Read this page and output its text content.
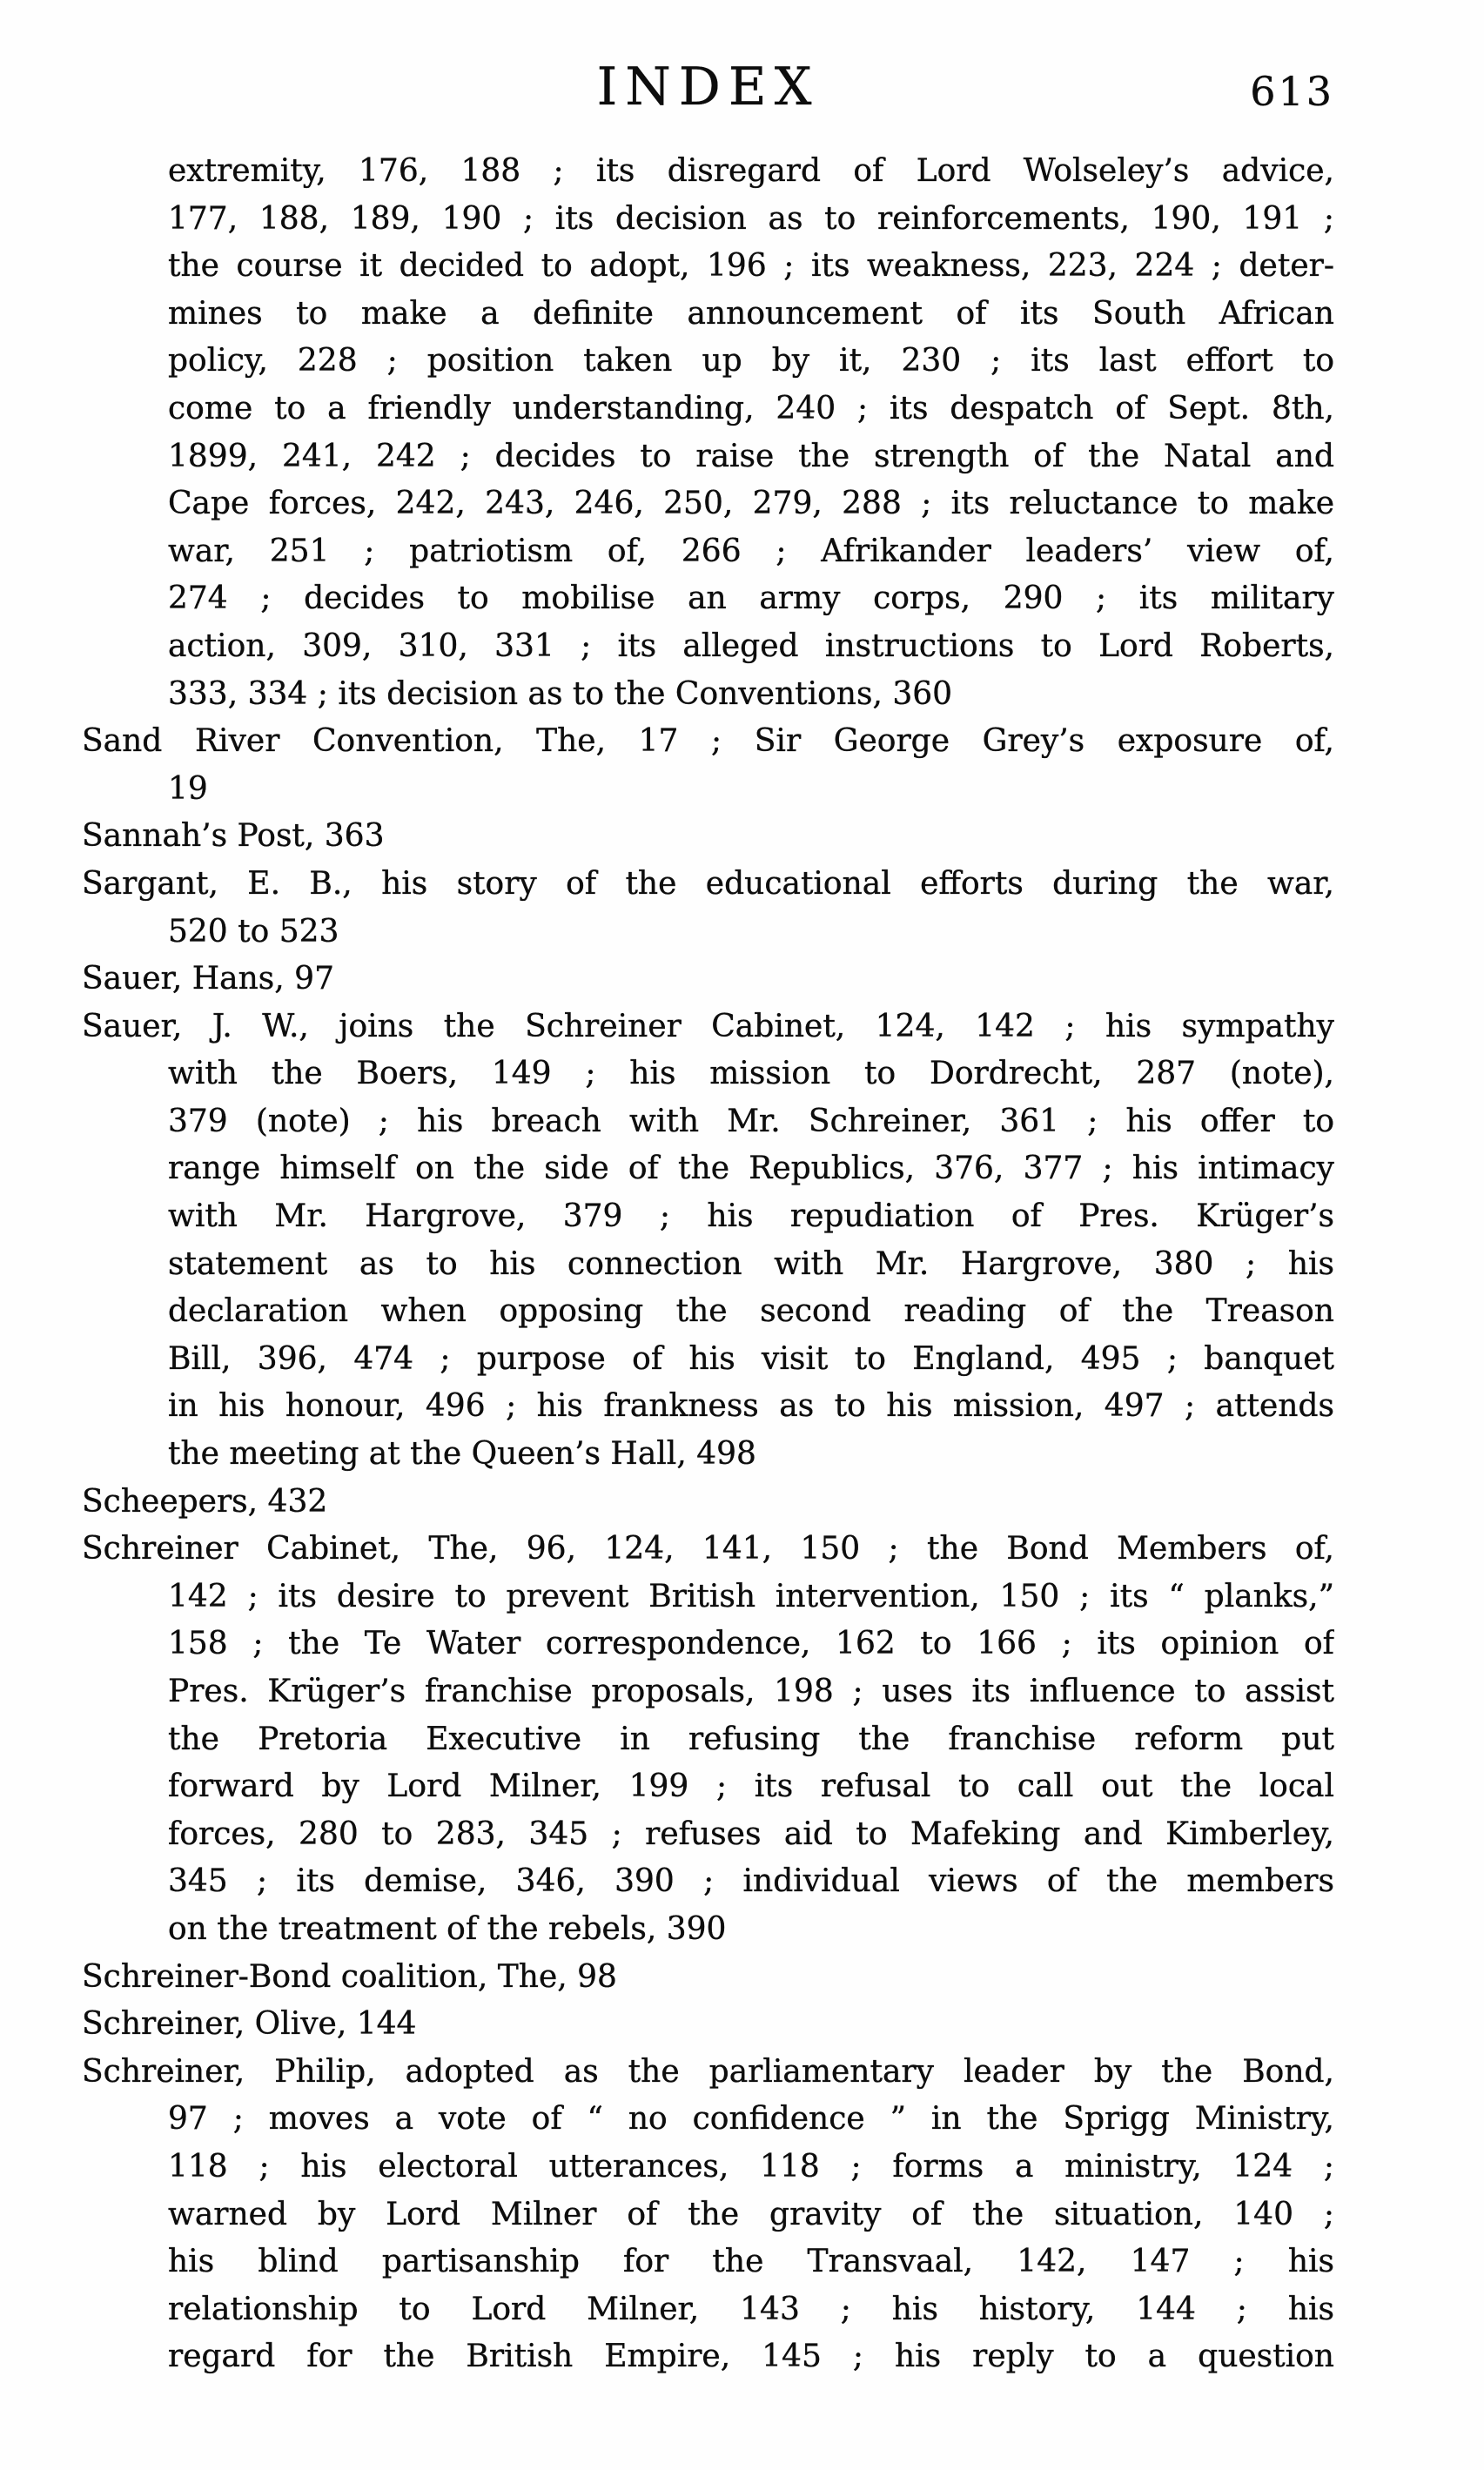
INDEX	613
extremity, 176, 188 ; its disregard of Lord Wolseley’s advice,
177, 188, 189, 190 ; its decision as to reinforcements, 190, 191 ;
the course it decided to adopt, 196 ; its weakness, 223, 224 ; deter-
mines to make a definite announcement of its South African
policy, 228 ; position taken up by it, 230 ; its last effort to
come to a friendly understanding, 240 ; its despatch of Sept. 8th,
1899, 241, 242 ; decides to raise the strength of the Natal and
Cape forces, 242, 243, 246, 250, 279, 288 ; its reluctance to make
war, 251 ; patriotism of, 266 ; Afrikander leaders’ view of,
274 ; decides to mobilise an army corps, 290 ; its military
action, 309, 310, 331 ; its alleged instructions to Lord Roberts,
333, 334 ; its decision as to the Conventions, 360
Sand River Convention, The, 17 ; Sir George Grey’s exposure of,
19
Sannah’s Post, 363
Sargant, E. B., his story of the educational efforts during the war,
520 to 523
Sauer, Hans, 97
Sauer, J. W., joins the Schreiner Cabinet, 124, 142 ; his sympathy
with the Boers, 149 ; his mission to Dordrecht, 287 (note),
379 (note) ; his breach with Mr. Schreiner, 361 ; his offer to
range himself on the side of the Republics, 376, 377 ; his intimacy
with Mr. Hargrove, 379 ; his repudiation of Pres. Krüger’s
statement as to his connection with Mr. Hargrove, 380 ; his
declaration when opposing the second reading of the Treason
Bill, 396, 474 ; purpose of his visit to England, 495 ; banquet
in his honour, 496 ; his frankness as to his mission, 497 ; attends
the meeting at the Queen’s Hall, 498
Scheepers, 432
Schreiner Cabinet, The, 96, 124, 141, 150 ; the Bond Members of,
142 ; its desire to prevent British intervention, 150 ; its “ planks,”
158 ; the Te Water correspondence, 162 to 166 ; its opinion of
Pres. Krüger’s franchise proposals, 198 ; uses its influence to assist
the Pretoria Executive in refusing the franchise reform put
forward by Lord Milner, 199 ; its refusal to call out the local
forces, 280 to 283, 345 ; refuses aid to Mafeking and Kimberley,
345 ; its demise, 346, 390 ; individual views of the members
on the treatment of the rebels, 390
Schreiner-Bond coalition, The, 98
Schreiner, Olive, 144
Schreiner, Philip, adopted as the parliamentary leader by the Bond,
97 ; moves a vote of “ no confidence ” in the Sprigg Ministry,
118 ; his electoral utterances, 118 ; forms a ministry, 124 ;
warned by Lord Milner of the gravity of the situation, 140 ;
his blind partisanship for the Transvaal, 142, 147 ; his
relationship to Lord Milner, 143 ; his history, 144 ; his
regard for the British Empire, 145 ; his reply to a question
